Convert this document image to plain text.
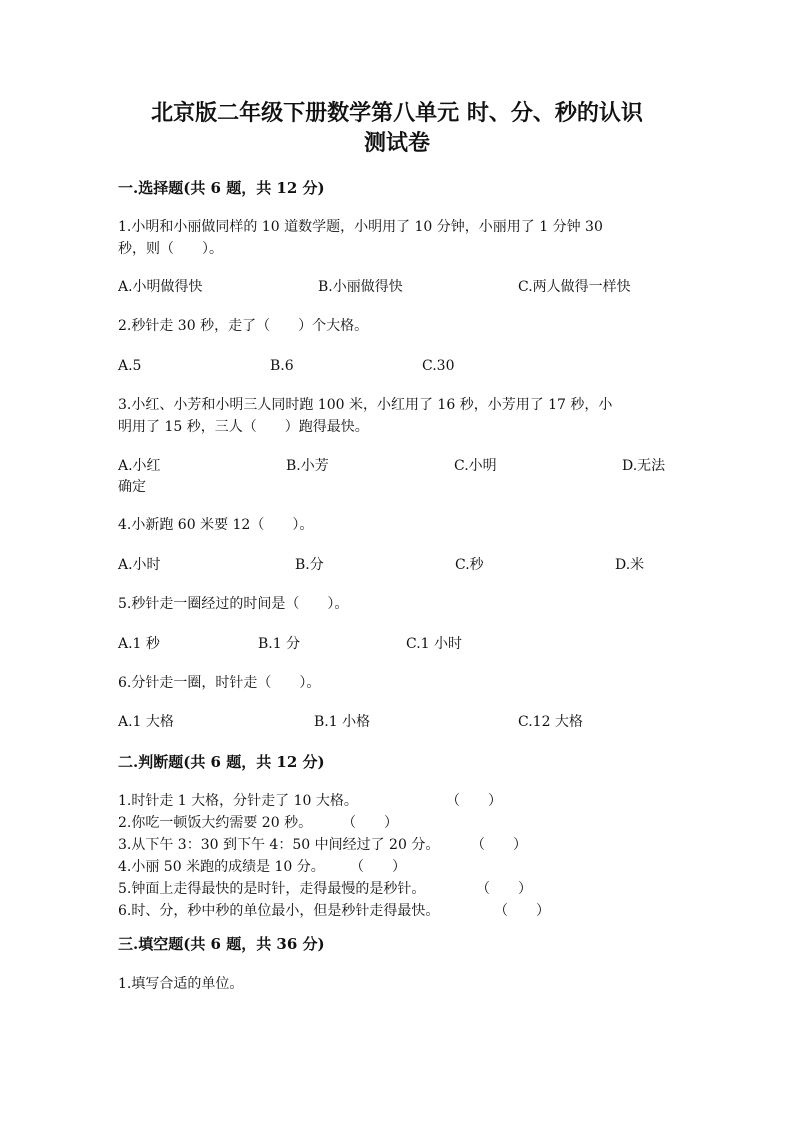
北京版二年级下册数学第八单元 时、分、秒的认识
测试卷
一.选择题(共 6 题，共 12 分)
1.小明和小丽做同样的 10 道数学题，小明用了 10 分钟，小丽用了 1 分钟 30
秒，则（　　）。
A.小明做得快	B.小丽做得快	C.两人做得一样快
2.秒针走 30 秒，走了（　　）个大格。
A.5	B.6	C.30
3.小红、小芳和小明三人同时跑 100 米，小红用了 16 秒，小芳用了 17 秒，小
明用了 15 秒，三人（　　）跑得最快。
A.小红	B.小芳	C.小明	D.无法
确定
4.小新跑 60 米要 12（　　）。
A.小时	B.分	C.秒	D.米
5.秒针走一圈经过的时间是（　　）。
A.1 秒	B.1 分	C.1 小时
6.分针走一圈，时针走（　　）。
A.1 大格	B.1 小格	C.12 大格
二.判断题(共 6 题，共 12 分)
1.时针走 1 大格，分针走了 10 大格。	（　　）
2.你吃一顿饭大约需要 20 秒。 （　　）
3.从下午 3：30 到下午 4：50 中间经过了 20 分。 （　　）
4.小丽 50 米跑的成绩是 10 分。 （　　）
5.钟面上走得最快的是时针，走得最慢的是秒针。	（　　）
6.时、分，秒中秒的单位最小，但是秒针走得最快。	（　　）
三.填空题(共 6 题，共 36 分)
1.填写合适的单位。
